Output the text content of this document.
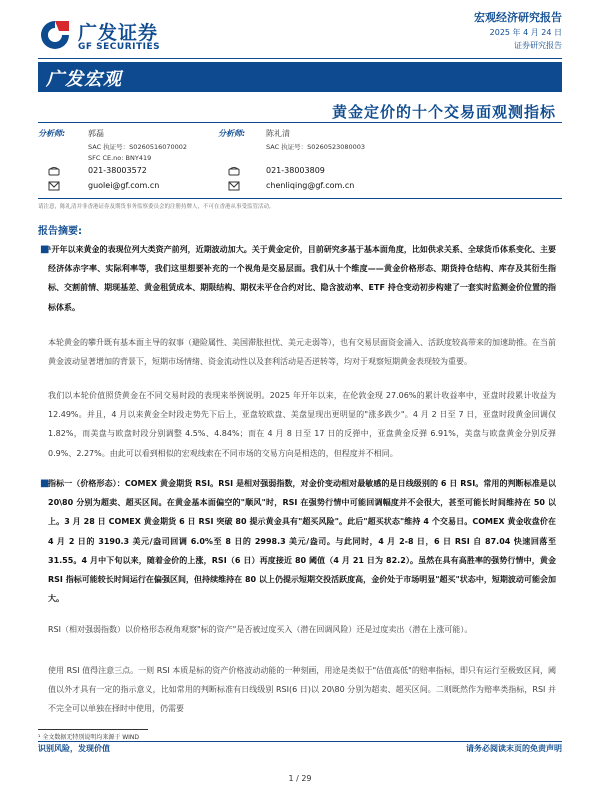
广发证券
GF SECURITIES
宏观经济研究报告
2025 年 4 月 24 日
证券研究报告
广发宏观
黄金定价的十个交易面观测指标
分析师:	郭磊
SAC 执证号：S0260516070002
SFC CE.no: BNY419
021-38003572
guolei@gf.com.cn
分析师:	陈礼清
SAC 执证号：S0260523080003
021-38003809
chenliqing@gf.com.cn
请注意，陈礼清并非香港证券及期货事务监察委员会的注册持牌人，不可在香港从事受监管活动。
报告摘要:
■
¹开年以来黄金的表现位列大类资产前列，近期波动加大。关于黄金定价，目前研究多基于基本面角度，比如供求关系、全球货币体系变化、主要经济体赤字率、实际利率等，我们这里想要补充的一个视角是交易层面。我们从十个维度——黄金价格形态、期货持仓结构、库存及其衍生指标、交割前情、期现基差、黄金租赁成本、期限结构、期权未平仓合约对比、隐含波动率、ETF 持仓变动初步构建了一套实时监测金价位置的指标体系。
本轮黄金的攀升既有基本面主导的叙事（避险属性、美国滞胀担忧、美元走弱等），也有交易层面资金涌入、活跃度较高带来的加速助推。在当前黄金波动显著增加的背景下，短期市场情绪、资金流动性以及套利活动是否逆转等，均对于观察短期黄金表现较为重要。
我们以本轮价值照贷黄金在不同交易时段的表现来举例说明。2025 年开年以来，在伦敦金现 27.06%的累计收益率中，亚盘时段累计收益为 12.49%。并且，4 月以来黄金全时段走势先下后上，亚盘较欧盘、美盘显现出更明显的"涨多跌少"。4 月 2 日至 7 日，亚盘时段黄金回调仅 1.82%，而美盘与欧盘时段分别调整 4.5%、4.84%；而在 4 月 8 日至 17 日的反弹中，亚盘黄金反弹 6.91%，美盘与欧盘黄金分别反弹 0.9%、2.27%。由此可以看到相似的宏观线索在不同市场的交易方向是相迭的，但程度并不相同。
■
指标一（价格形态）：COMEX 黄金期货 RSI。RSI 是相对强弱指数，对金价变动相对最敏感的是日线级别的 6 日 RSI。常用的判断标准是以 20\80 分别为超卖、超买区间。在黄金基本面偏空的"顺风"时，RSI 在强势行情中可能回调幅度并不会很大，甚至可能长时间维持在 50 以上。3 月 28 日 COMEX 黄金期货 6 日 RSI 突破 80 提示黄金具有"超买风险"。此后"超买状态"维持 4 个交易日。COMEX 黄金收盘价在 4 月 2 日的 3190.3 美元/盎司回调 6.0%至 8 日的 2998.3 美元/盎司。与此同时，4 月 2-8 日，6 日 RSI 自 87.04 快速回落至 31.55。4 月中下旬以来，随着金价的上涨，RSI（6 日）再度接近 80 阈值（4 月 21 日为 82.2）。虽然在具有高胜率的强势行情中，黄金 RSI 指标可能较长时间运行在偏强区间，但持续维持在 80 以上仍提示短期交投活跃度高，金价处于市场明显"超买"状态中，短期波动可能会加大。
RSI（相对强弱指数）以价格形态视角观察"标的资产"是否被过度买入（潜在回调风险）还是过度卖出（潜在上涨可能）。
使用 RSI 值得注意三点。一则 RSI 本质是标的资产价格波动动能的一种刻画，用途是类似于"估值高低"的赔率指标，即只有运行至极致区间，阈值以外才具有一定的指示意义，比如常用的判断标准有日线级别 RSI(6 日)以 20\80 分别为超卖、超买区间。二则既然作为赔率类指标，RSI 并不完全可以单独在择时中使用，仍需要
¹ 全文数据无特别说明均来源于 WIND
识别风险，发现价值	请务必阅读末页的免责声明
1 / 29
